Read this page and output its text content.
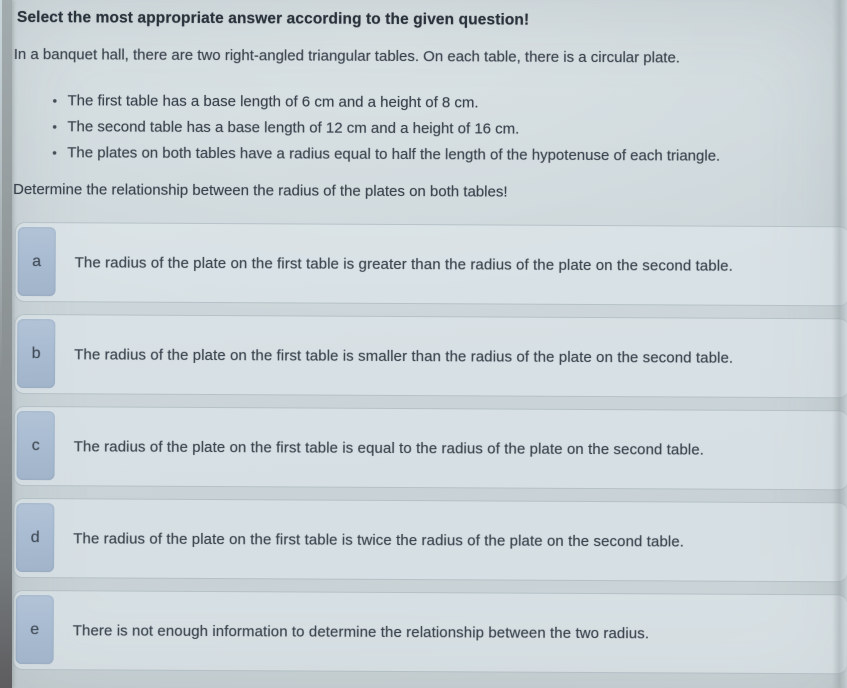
Select the most appropriate answer according to the given question!
In a banquet hall, there are two right-angled triangular tables. On each table, there is a circular plate.
• The first table has a base length of 6 cm and a height of 8 cm.
• The second table has a base length of 12 cm and a height of 16 cm.
• The plates on both tables have a radius equal to half the length of the hypotenuse of each triangle.
Determine the relationship between the radius of the plates on both tables!
a	The radius of the plate on the first table is greater than the radius of the plate on the second table.
b	The radius of the plate on the first table is smaller than the radius of the plate on the second table.
c	The radius of the plate on the first table is equal to the radius of the plate on the second table.
d	The radius of the plate on the first table is twice the radius of the plate on the second table.
e	There is not enough information to determine the relationship between the two radius.
